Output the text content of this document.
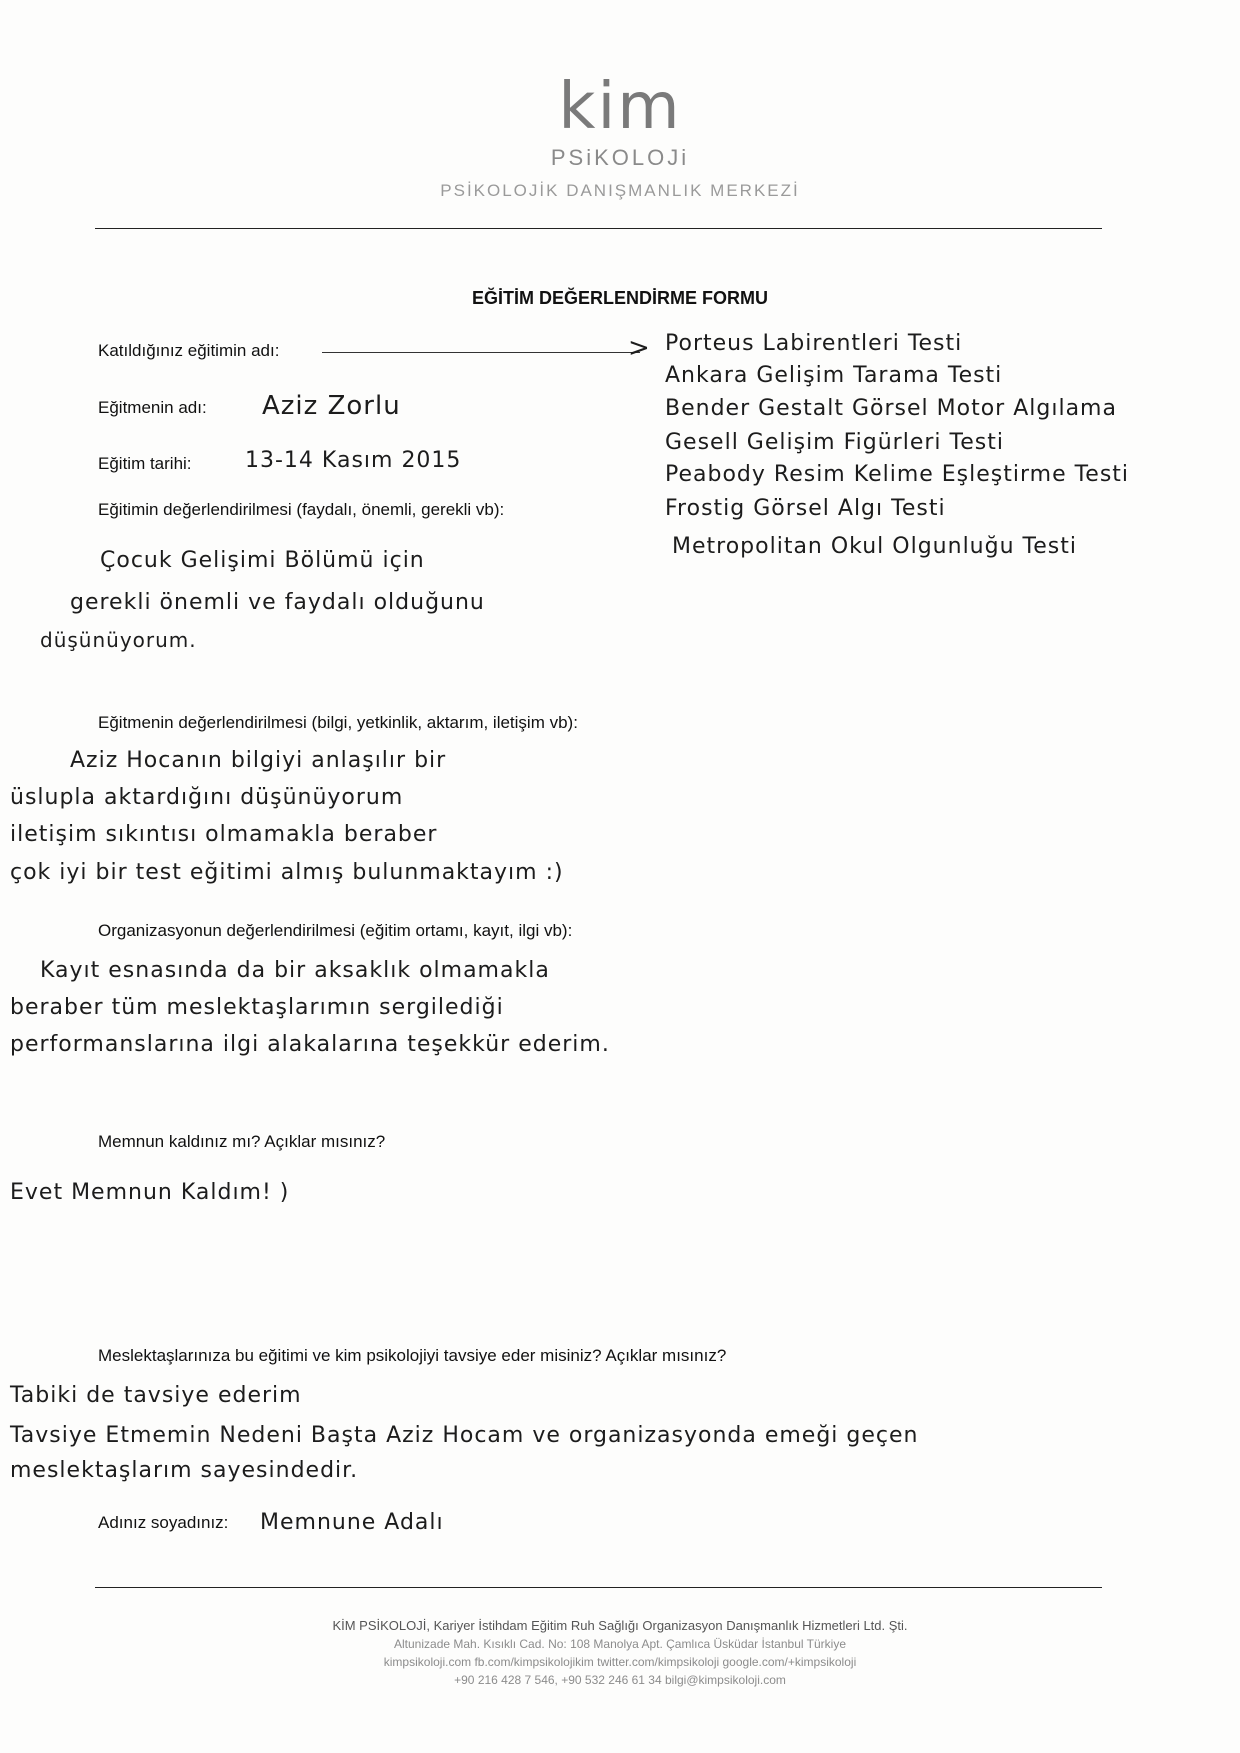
kim
PSiKOLOJi
PSİKOLOJİK DANIŞMANLIK MERKEZİ
EĞİTİM DEĞERLENDİRME FORMU
Katıldığınız eğitimin adı:	> Porteus Labirentleri Testi
Ankara Gelişim Tarama Testi
Bender Gestalt Görsel Motor Algılama
Gesell Gelişim Figürleri Testi
Peabody Resim Kelime Eşleştirme Testi
Frostig Görsel Algı Testi
Metropolitan Okul Olgunluğu Testi
Eğitmenin adı: Aziz Zorlu
Eğitim tarihi: 13-14 Kasım 2015
Eğitimin değerlendirilmesi (faydalı, önemli, gerekli vb):
Çocuk Gelişimi Bölümü için
gerekli önemli ve faydalı olduğunu
düşünüyorum.
Eğitmenin değerlendirilmesi (bilgi, yetkinlik, aktarım, iletişim vb):
Aziz Hocanın bilgiyi anlaşılır bir
üslupla aktardığını düşünüyorum
iletişim sıkıntısı olmamakla beraber
çok iyi bir test eğitimi almış bulunmaktayım :)
Organizasyonun değerlendirilmesi (eğitim ortamı, kayıt, ilgi vb):
Kayıt esnasında da bir aksaklık olmamakla
beraber tüm meslektaşlarımın sergilediği
performanslarına ilgi alakalarına teşekkür ederim.
Memnun kaldınız mı? Açıklar mısınız?
Evet Memnun Kaldım! )
Meslektaşlarınıza bu eğitimi ve kim psikolojiyi tavsiye eder misiniz? Açıklar mısınız?
Tabiki de tavsiye ederim
Tavsiye Etmemin Nedeni Başta Aziz Hocam ve organizasyonda emeği geçen
meslektaşlarım sayesindedir.
Adınız soyadınız: Memnune Adalı
KİM PSİKOLOJİ, Kariyer İstihdam Eğitim Ruh Sağlığı Organizasyon Danışmanlık Hizmetleri Ltd. Şti.
Altunizade Mah. Kısıklı Cad. No: 108 Manolya Apt. Çamlıca Üsküdar İstanbul Türkiye
kimpsikoloji.com fb.com/kimpsikolojikim twitter.com/kimpsikoloji google.com/+kimpsikoloji
+90 216 428 7 546, +90 532 246 61 34 bilgi@kimpsikoloji.com
